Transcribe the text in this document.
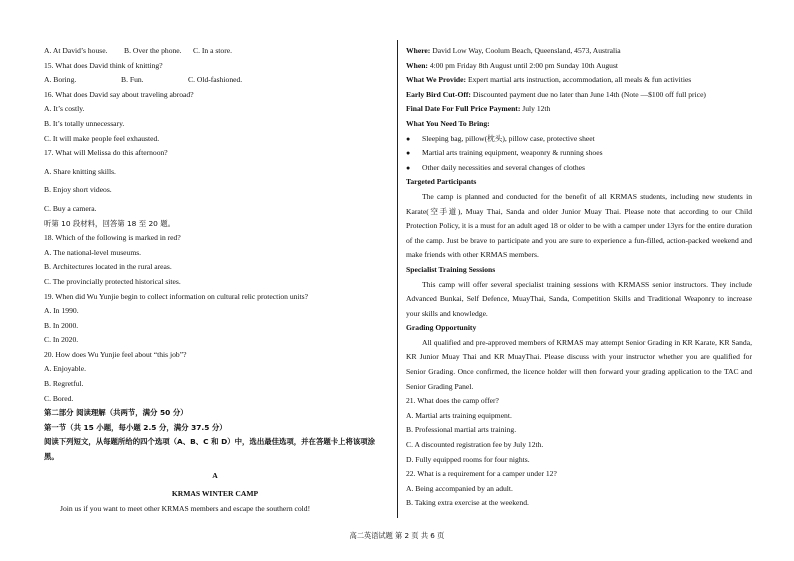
A. At David’s house. B. Over the phone. C. In a store.
15. What does David think of knitting?
A. Boring.	B. Fun.	C. Old-fashioned.
16. What does David say about traveling abroad?
A. It’s costly.
B. It’s totally unnecessary.
C. It will make people feel exhausted.
17. What will Melissa do this afternoon?
A. Share knitting skills.
B. Enjoy short videos.
C. Buy a camera.
听第 10 段材料，回答第 18 至 20 题。
18. Which of the following is marked in red?
A. The national-level museums.
B. Architectures located in the rural areas.
C. The provincially protected historical sites.
19. When did Wu Yunjie begin to collect information on cultural relic protection units?
A. In 1990.
B. In 2000.
C. In 2020.
20. How does Wu Yunjie feel about “this job”?
A. Enjoyable.
B. Regretful.
C. Bored.
第二部分 阅读理解（共两节，满分 50 分）
第一节（共 15 小题，每小题 2.5 分，满分 37.5 分）
阅读下列短文，从每题所给的四个选项（A、B、C 和 D）中，选出最佳选项，并在答题卡上将该项涂黑。
A
KRMAS WINTER CAMP
Join us if you want to meet other KRMAS members and escape the southern cold!
Where: David Low Way, Coolum Beach, Queensland, 4573, Australia
When: 4:00 pm Friday 8th August until 2:00 pm Sunday 10th August
What We Provide: Expert martial arts instruction, accommodation, all meals & fun activities
Early Bird Cut-Off: Discounted payment due no later than June 14th (Note —$100 off full price)
Final Date For Full Price Payment: July 12th
What You Need To Bring:
● Sleeping bag, pillow(枕头), pillow case, protective sheet
● Martial arts training equipment, weaponry & running shoes
● Other daily necessities and several changes of clothes
Targeted Participants
The camp is planned and conducted for the benefit of all KRMAS students, including new students in Karate(空手道), Muay Thai, Sanda and older Junior Muay Thai. Please note that according to our Child Protection Policy, it is a must for an adult aged 18 or older to be with a camper under 13yrs for the entire duration of the camp. Just be brave to participate and you are sure to experience a fun-filled, action-packed weekend and make friends with other KRMAS members.
Specialist Training Sessions
This camp will offer several specialist training sessions with KRMASS senior instructors. They include Advanced Bunkai, Self Defence, MuayThai, Sanda, Competition Skills and Traditional Weaponry to increase your skills and knowledge.
Grading Opportunity
All qualified and pre-approved members of KRMAS may attempt Senior Grading in KR Karate, KR Sanda, KR Junior Muay Thai and KR MuayThai. Please discuss with your instructor whether you are qualified for Senior Grading. Once confirmed, the licence holder will then forward your grading application to the TAC and Senior Grading Panel.
21. What does the camp offer?
A. Martial arts training equipment.
B. Professional martial arts training.
C. A discounted registration fee by July 12th.
D. Fully equipped rooms for four nights.
22. What is a requirement for a camper under 12?
A. Being accompanied by an adult.
B. Taking extra exercise at the weekend.
高二英语试题 第 2 页 共 6 页
